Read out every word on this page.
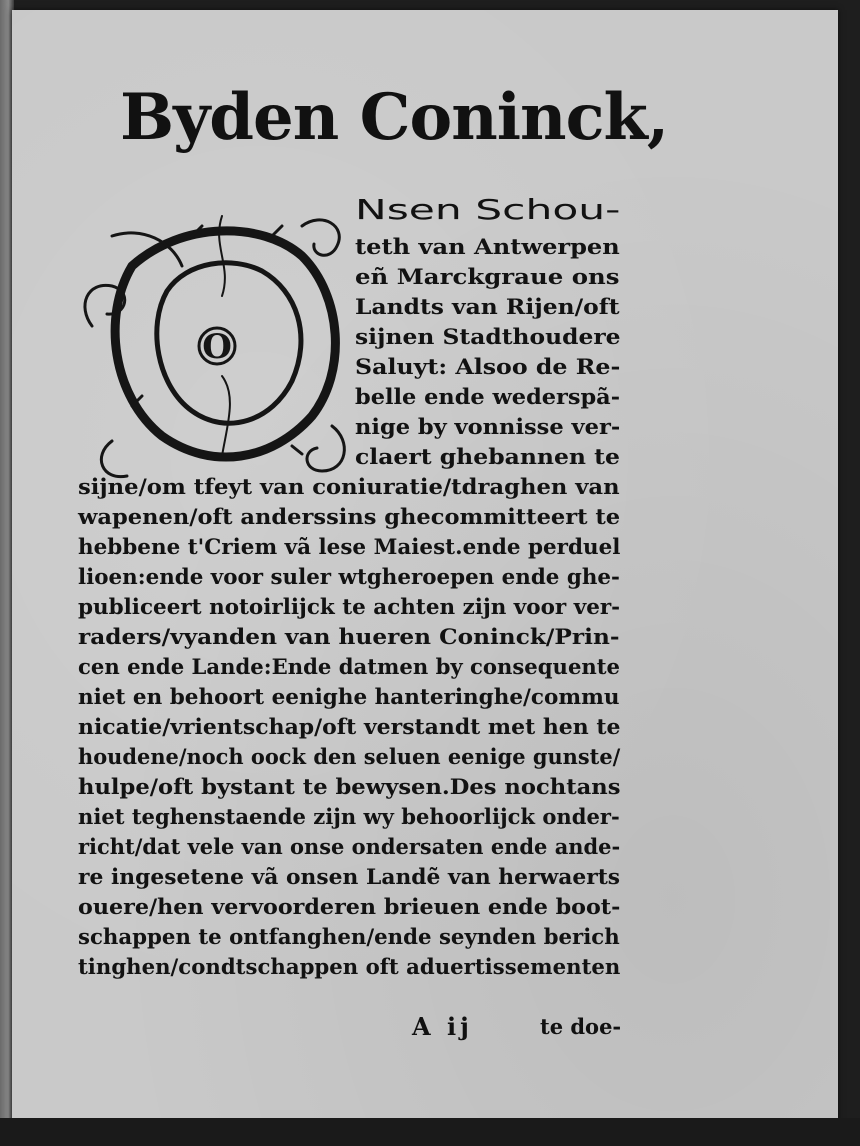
Byden Coninck,
O
Nsen Schou-
teth van Antwerpen
eñ Marckgraue ons
Landts van Rijen/oft
sijnen Stadthoudere
Saluyt: Alsoo de Re-
belle ende wederspã-
nige by vonnisse ver-
claert ghebannen te
sijne/om tfeyt van coniuratie/tdraghen van
wapenen/oft anderssins ghecommitteert te
hebbene t'Criem vã lese Maiest.ende perduel
lioen:ende voor suler wtgheroepen ende ghe-
publiceert notoirlijck te achten zijn voor ver-
raders/vyanden van hueren Coninck/Prin-
cen ende Lande:Ende datmen by consequente
niet en behoort eenighe hanteringhe/commu
nicatie/vrientschap/oft verstandt met hen te
houdene/noch oock den seluen eenige gunste/
hulpe/oft bystant te bewysen.Des nochtans
niet teghenstaende zijn wy behoorlijck onder-
richt/dat vele van onse ondersaten ende ande-
re ingesetene vã onsen Landẽ van herwaerts
ouere/hen vervoorderen brieuen ende boot-
schappen te ontfanghen/ende seynden berich
tinghen/condtschappen oft aduertissementen
A ij	te doe-
